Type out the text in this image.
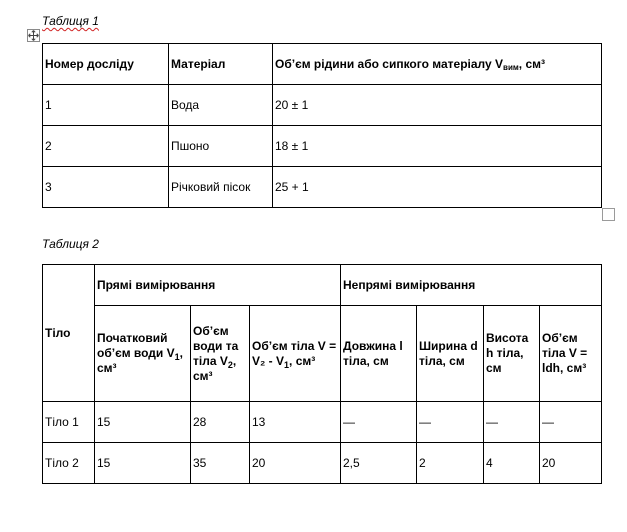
Таблиця 1
Номер досліду	Матеріал	Об’єм рідини або сипкого матеріалу Vвим, см³
1	Вода	20 ± 1
2	Пшоно	18 ± 1
3	Річковий пісок	25 + 1
Таблиця 2
Тіло	Прямі вимірювання			Непрямі вимірювання			
	Початковий об’єм води $V_1$, см³	Об’єм води та тіла $V_2$, см³	Об’єм тіла $V = V_2 - V_1$, см³	Довжина l тіла, см	Ширина d тіла, см	Висота h тіла, см	Об’єм тіла V = ldh, см³
Тіло 1	15	28	13	—	—	—	—
Тіло 2	15	35	20	2,5	2	4	20
